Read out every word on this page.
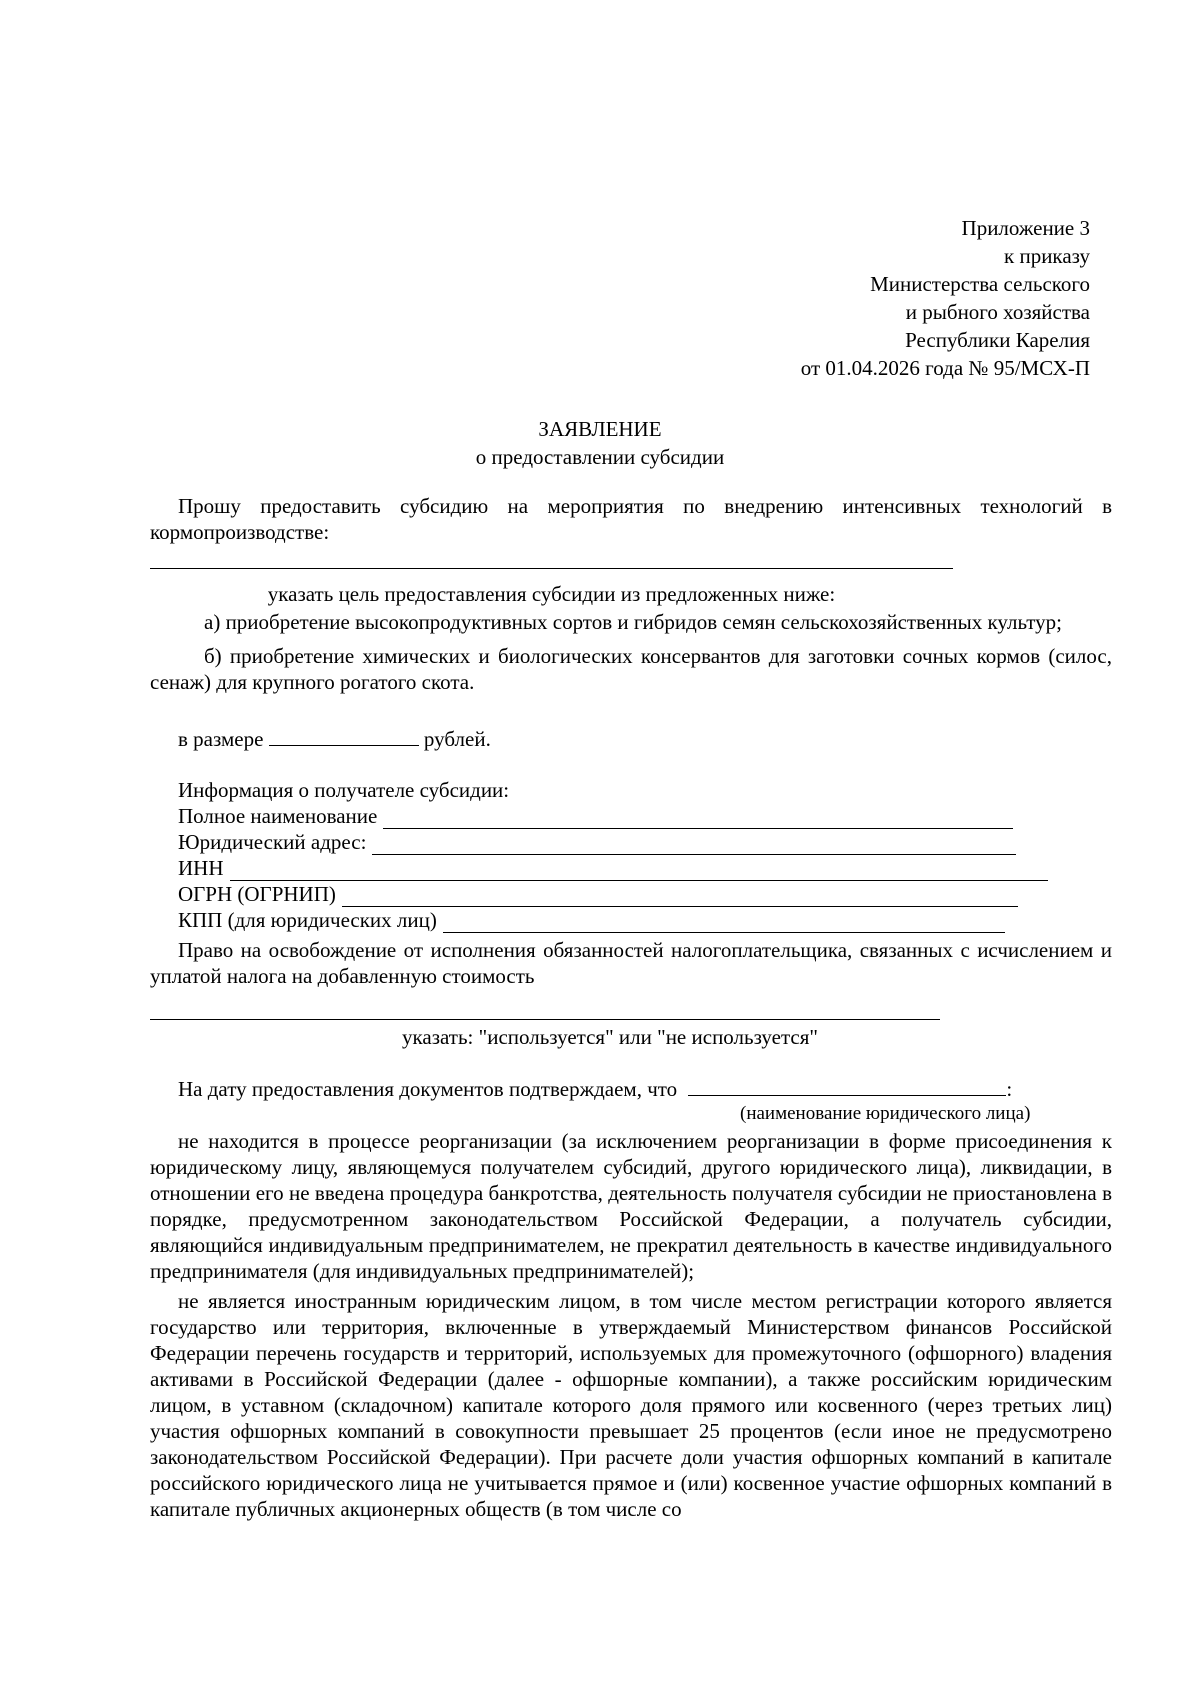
Приложение 3
к приказу
Министерства сельского
и рыбного хозяйства
Республики Карелия
от 01.04.2026 года № 95/МСХ-П
ЗАЯВЛЕНИЕ
о предоставлении субсидии

Прошу предоставить субсидию на мероприятия по внедрению интенсивных технологий в кормопроизводстве:

указать цель предоставления субсидии из предложенных ниже:

а) приобретение высокопродуктивных сортов и гибридов семян сельскохозяйственных культур;

б) приобретение химических и биологических консервантов для заготовки сочных кормов (силос, сенаж) для крупного рогатого скота.

в размере	рублей.
Информация о получателе субсидии:
Полное наименование
Юридический адрес:
ИНН
ОГРН (ОГРНИП)
КПП (для юридических лиц)

Право на освобождение от исполнения обязанностей налогоплательщика, связанных с исчислением и уплатой налога на добавленную стоимость

указать: "используется" или "не используется"
На дату предоставления документов подтверждаем, что	:
(наименование юридического лица)

не находится в процессе реорганизации (за исключением реорганизации в форме присоединения к юридическому лицу, являющемуся получателем субсидий, другого юридического лица), ликвидации, в отношении его не введена процедура банкротства, деятельность получателя субсидии не приостановлена в порядке, предусмотренном законодательством Российской Федерации, а получатель субсидии, являющийся индивидуальным предпринимателем, не прекратил деятельность в качестве индивидуального предпринимателя (для индивидуальных предпринимателей);

не является иностранным юридическим лицом, в том числе местом регистрации которого является государство или территория, включенные в утверждаемый Министерством финансов Российской Федерации перечень государств и территорий, используемых для промежуточного (офшорного) владения активами в Российской Федерации (далее - офшорные компании), а также российским юридическим лицом, в уставном (складочном) капитале которого доля прямого или косвенного (через третьих лиц) участия офшорных компаний в совокупности превышает 25 процентов (если иное не предусмотрено законодательством Российской Федерации). При расчете доли участия офшорных компаний в капитале российского юридического лица не учитывается прямое и (или) косвенное участие офшорных компаний в капитале публичных акционерных обществ (в том числе со
